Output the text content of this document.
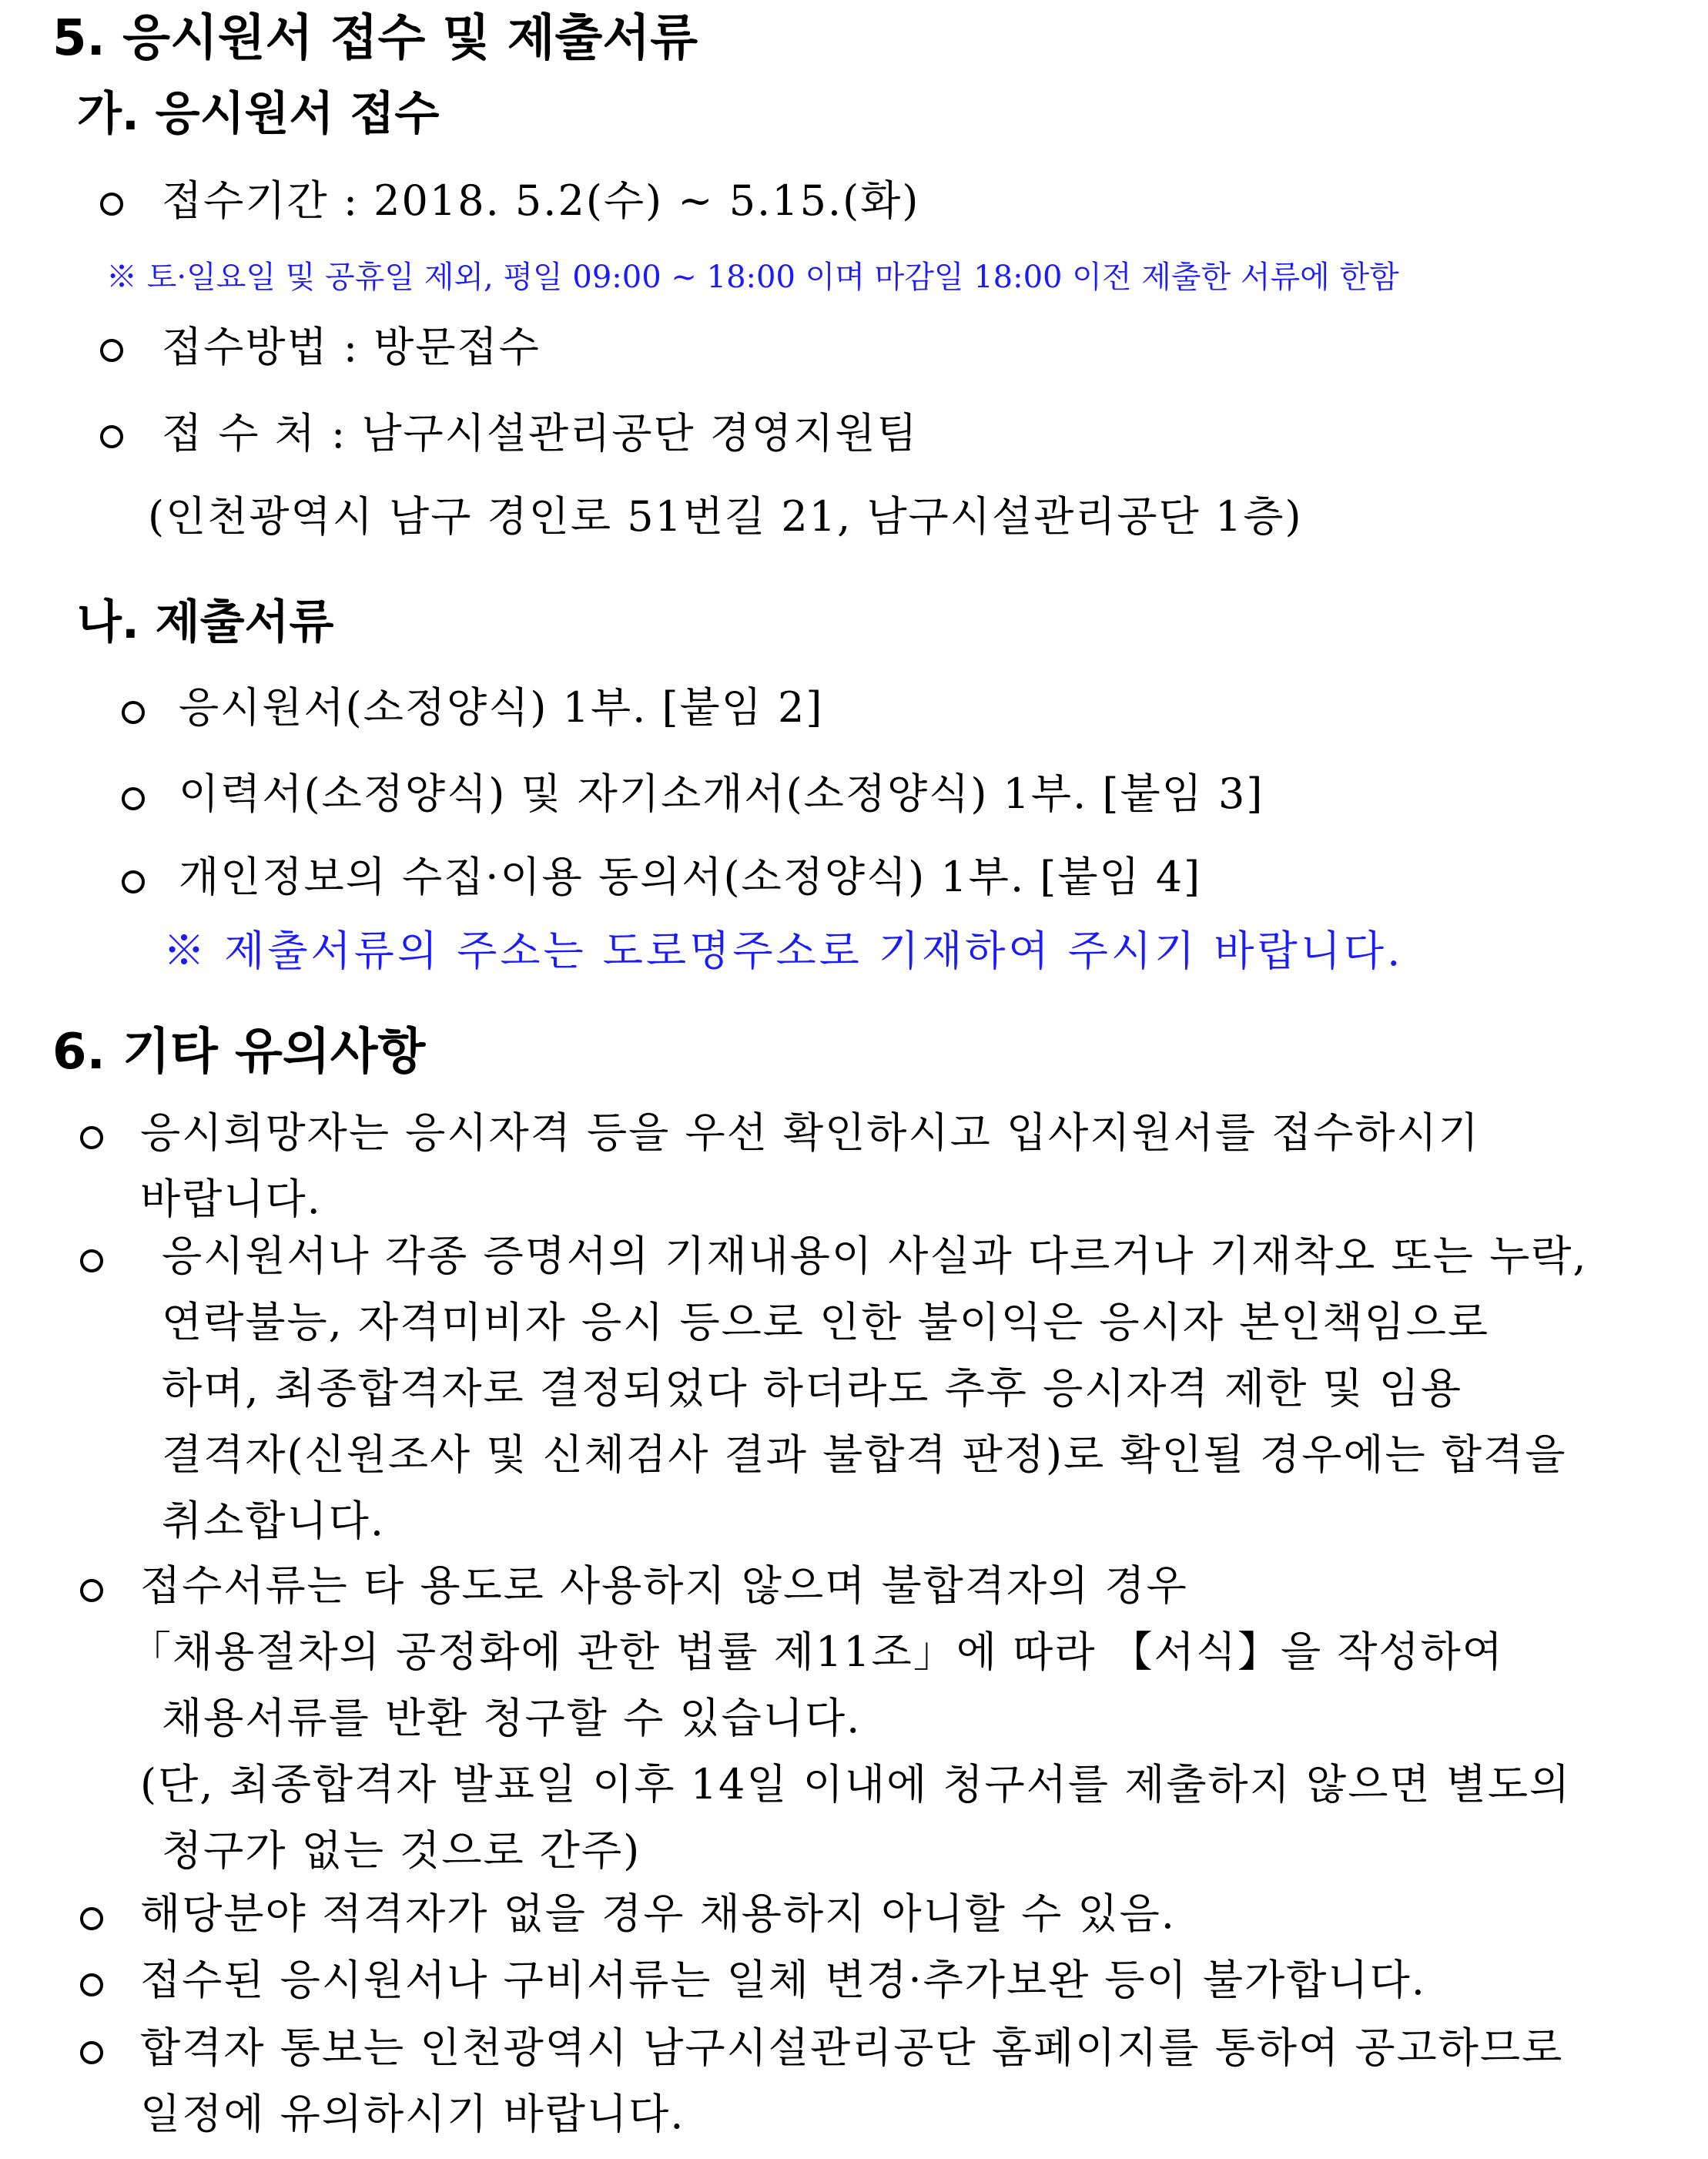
5. 응시원서 접수 및 제출서류
가. 응시원서 접수
접수기간 : 2018. 5.2(수) ~ 5.15.(화)
※ 토·일요일 및 공휴일 제외, 평일 09:00 ~ 18:00 이며 마감일 18:00 이전 제출한 서류에 한함
접수방법 : 방문접수
접 수 처 : 남구시설관리공단 경영지원팀
(인천광역시 남구 경인로 51번길 21, 남구시설관리공단 1층)
나. 제출서류
응시원서(소정양식) 1부. [붙임 2]
이력서(소정양식) 및 자기소개서(소정양식) 1부. [붙임 3]
개인정보의 수집·이용 동의서(소정양식) 1부. [붙임 4]
※ 제출서류의 주소는 도로명주소로 기재하여 주시기 바랍니다.
6. 기타 유의사항
응시희망자는 응시자격 등을 우선 확인하시고 입사지원서를 접수하시기
바랍니다.
응시원서나 각종 증명서의 기재내용이 사실과 다르거나 기재착오 또는 누락,
연락불능, 자격미비자 응시 등으로 인한 불이익은 응시자 본인책임으로
하며, 최종합격자로 결정되었다 하더라도 추후 응시자격 제한 및 임용
결격자(신원조사 및 신체검사 결과 불합격 판정)로 확인될 경우에는 합격을
취소합니다.
접수서류는 타 용도로 사용하지 않으며 불합격자의 경우
「채용절차의 공정화에 관한 법률 제11조」에 따라 【서식】을 작성하여
채용서류를 반환 청구할 수 있습니다.
(단, 최종합격자 발표일 이후 14일 이내에 청구서를 제출하지 않으면 별도의
청구가 없는 것으로 간주)
해당분야 적격자가 없을 경우 채용하지 아니할 수 있음.
접수된 응시원서나 구비서류는 일체 변경·추가보완 등이 불가합니다.
합격자 통보는 인천광역시 남구시설관리공단 홈페이지를 통하여 공고하므로
일정에 유의하시기 바랍니다.
